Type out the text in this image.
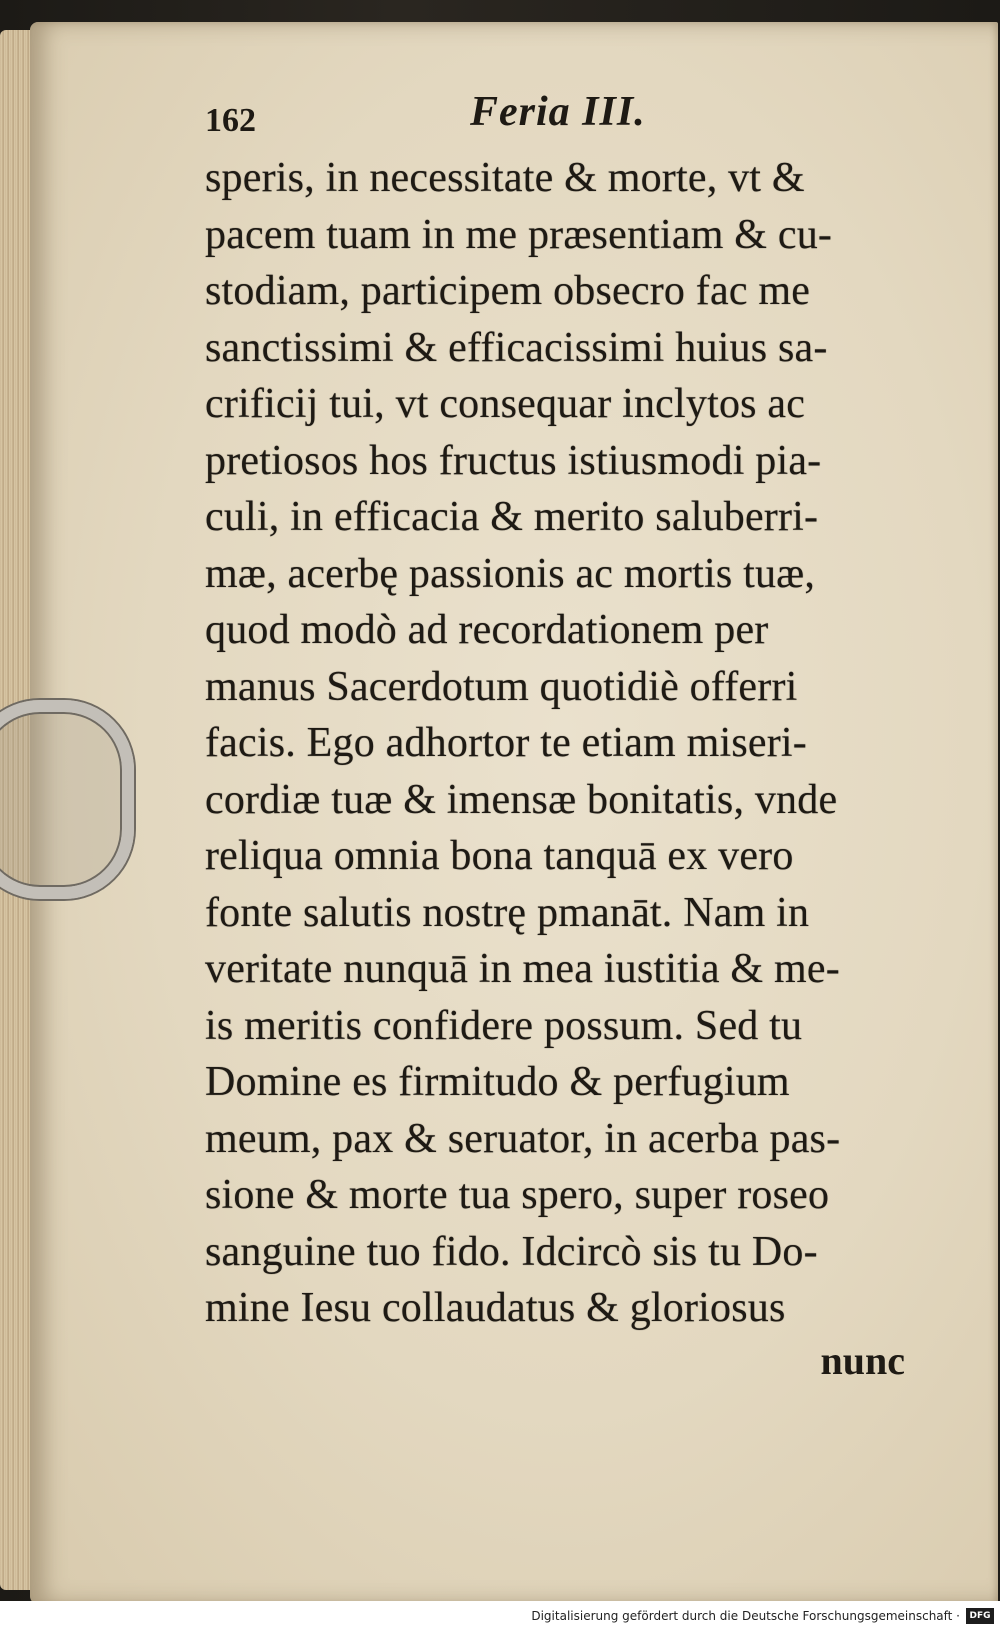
162	Feria III.
speris, in necessitate & morte, vt &
pacem tuam in me præsentiam & cu-
stodiam, participem obsecro fac me
sanctissimi & efficacissimi huius sa-
crificij tui, vt consequar inclytos ac
pretiosos hos fructus istiusmodi pia-
culi, in efficacia & merito saluberri-
mæ, acerbę passionis ac mortis tuæ,
quod modò ad recordationem per
manus Sacerdotum quotidiè offerri
facis. Ego adhortor te etiam miseri-
cordiæ tuæ & imensæ bonitatis, vnde
reliqua omnia bona tanquā ex vero
fonte salutis nostrę pmanāt. Nam in
veritate nunquā in mea iustitia & me-
is meritis confidere possum. Sed tu
Domine es firmitudo & perfugium
meum, pax & seruator, in acerba pas-
sione & morte tua spero, super roseo
sanguine tuo fido. Idcircò sis tu Do-
mine Iesu collaudatus & gloriosus
nunc
Digitalisierung gefördert durch die Deutsche Forschungsgemeinschaft ·	DFG
